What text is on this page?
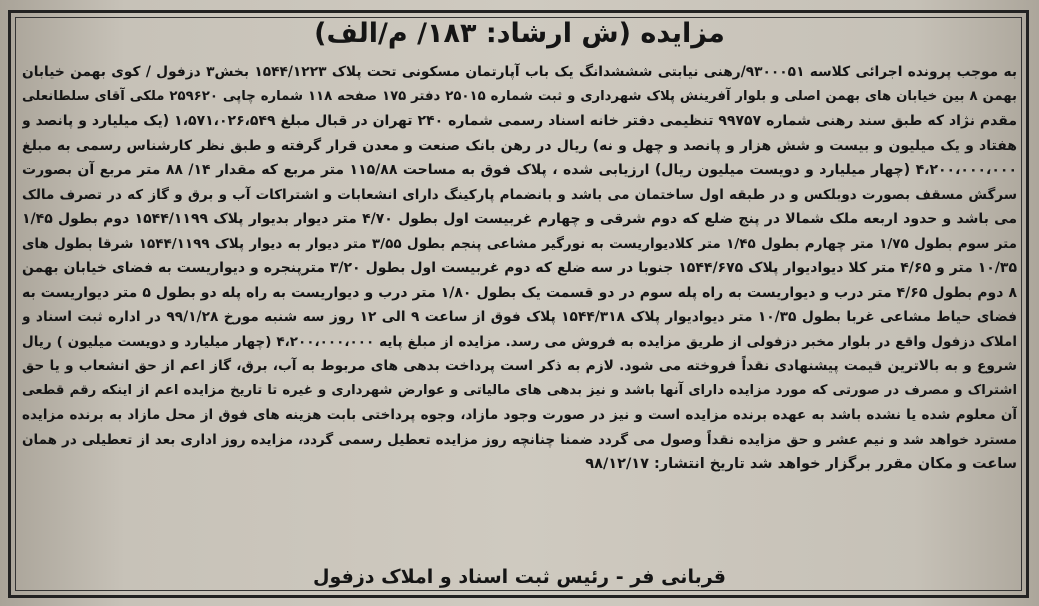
مزایده (ش ارشاد: ۱۸۳/ م/الف)
به موجب پرونده اجرائی کلاسه ۹۳۰۰۰۵۱/رهنی نیابتی شششدانگ یک باب آپارتمان مسکونی تحت پلاک ۱۵۴۴/۱۲۲۳ بخش۳ دزفول / کوی بهمن خیابان
بهمن ۸ بین خیابان های بهمن اصلی و بلوار آفرینش پلاک شهرداری و ثبت شماره ۲۵۰۱۵ دفتر ۱۷۵ صفحه ۱۱۸ شماره چاپی ۲۵۹۶۲۰ ملکی آقای سلطانعلی
مقدم نژاد که طبق سند رهنی شماره ۹۹۷۵۷ تنظیمی دفتر خانه اسناد رسمی شماره ۲۴۰ تهران در قبال مبلغ ۱،۵۷۱،۰۲۶،۵۴۹ (یک میلیارد و پانصد و
هفتاد و یک میلیون و بیست و شش هزار و پانصد و چهل و نه) ریال در رهن بانک صنعت و معدن قرار گرفته و طبق نظر کارشناس رسمی به مبلغ
۴،۲۰۰،۰۰۰،۰۰۰ (چهار میلیارد و دویست میلیون ریال) ارزیابی شده ، پلاک فوق به مساحت ۱۱۵/۸۸ متر مربع که مقدار ۱۴/ ۸۸ متر مربع آن بصورت
سرگش مسقف بصورت دوبلکس و در طبقه اول ساختمان می باشد و بانضمام پارکینگ دارای انشعابات و اشتراکات آب و برق و گاز که در تصرف مالک
می باشد و حدود اربعه ملک شمالا در پنج ضلع که دوم شرقی و چهارم غربیست اول بطول ۴/۷۰ متر دیوار بدیوار پلاک ۱۵۴۴/۱۱۹۹ دوم بطول ۱/۴۵
متر سوم بطول ۱/۷۵ متر چهارم بطول ۱/۴۵ متر کلادیواریست به نورگیر مشاعی پنجم بطول ۳/۵۵ متر دیوار به دیوار پلاک ۱۵۴۴/۱۱۹۹ شرقا بطول های
۱۰/۳۵ متر و ۴/۶۵ متر کلا دیوادیوار پلاک ۱۵۴۴/۶۷۵ جنوبا در سه ضلع که دوم غربیست اول بطول ۳/۲۰ مترپنجره و دیواریست به فضای خیابان بهمن
۸ دوم بطول ۴/۶۵ متر درب و دیواریست به راه پله سوم در دو قسمت یک بطول ۱/۸۰ متر درب و دیواریست به راه پله دو بطول ۵ متر دیواریست به
فضای حیاط مشاعی غربا بطول ۱۰/۳۵ متر دیوادیوار پلاک ۱۵۴۴/۳۱۸ پلاک فوق از ساعت ۹ الی ۱۲ روز سه شنبه مورخ ۹۹/۱/۲۸ در اداره ثبت اسناد و
املاک دزفول واقع در بلوار مخبر دزفولی از طریق مزایده به فروش می رسد. مزایده از مبلغ پایه ۴،۲۰۰،۰۰۰،۰۰۰ (چهار میلیارد و دویست میلیون ) ریال
شروع و به بالاترین قیمت پیشنهادی نقداً فروخته می شود. لازم به ذکر است پرداخت بدهی های مربوط به آب، برق، گاز اعم از حق انشعاب و یا حق
اشتراک و مصرف در صورتی که مورد مزایده دارای آنها باشد و نیز بدهی های مالیاتی و عوارض شهرداری و غیره تا تاریخ مزایده اعم از اینکه رقم قطعی
آن معلوم شده یا نشده باشد به عهده برنده مزایده است و نیز در صورت وجود مازاد، وجوه پرداختی بابت هزینه های فوق از محل مازاد به برنده مزایده
مسترد خواهد شد و نیم عشر و حق مزایده نقداً وصول می گردد ضمنا چنانچه روز مزایده تعطیل رسمی گردد، مزایده روز اداری بعد از تعطیلی در همان
ساعت و مکان مقرر برگزار خواهد شد تاریخ انتشار: ۹۸/۱۲/۱۷
قربانی فر - رئیس ثبت اسناد و املاک دزفول
